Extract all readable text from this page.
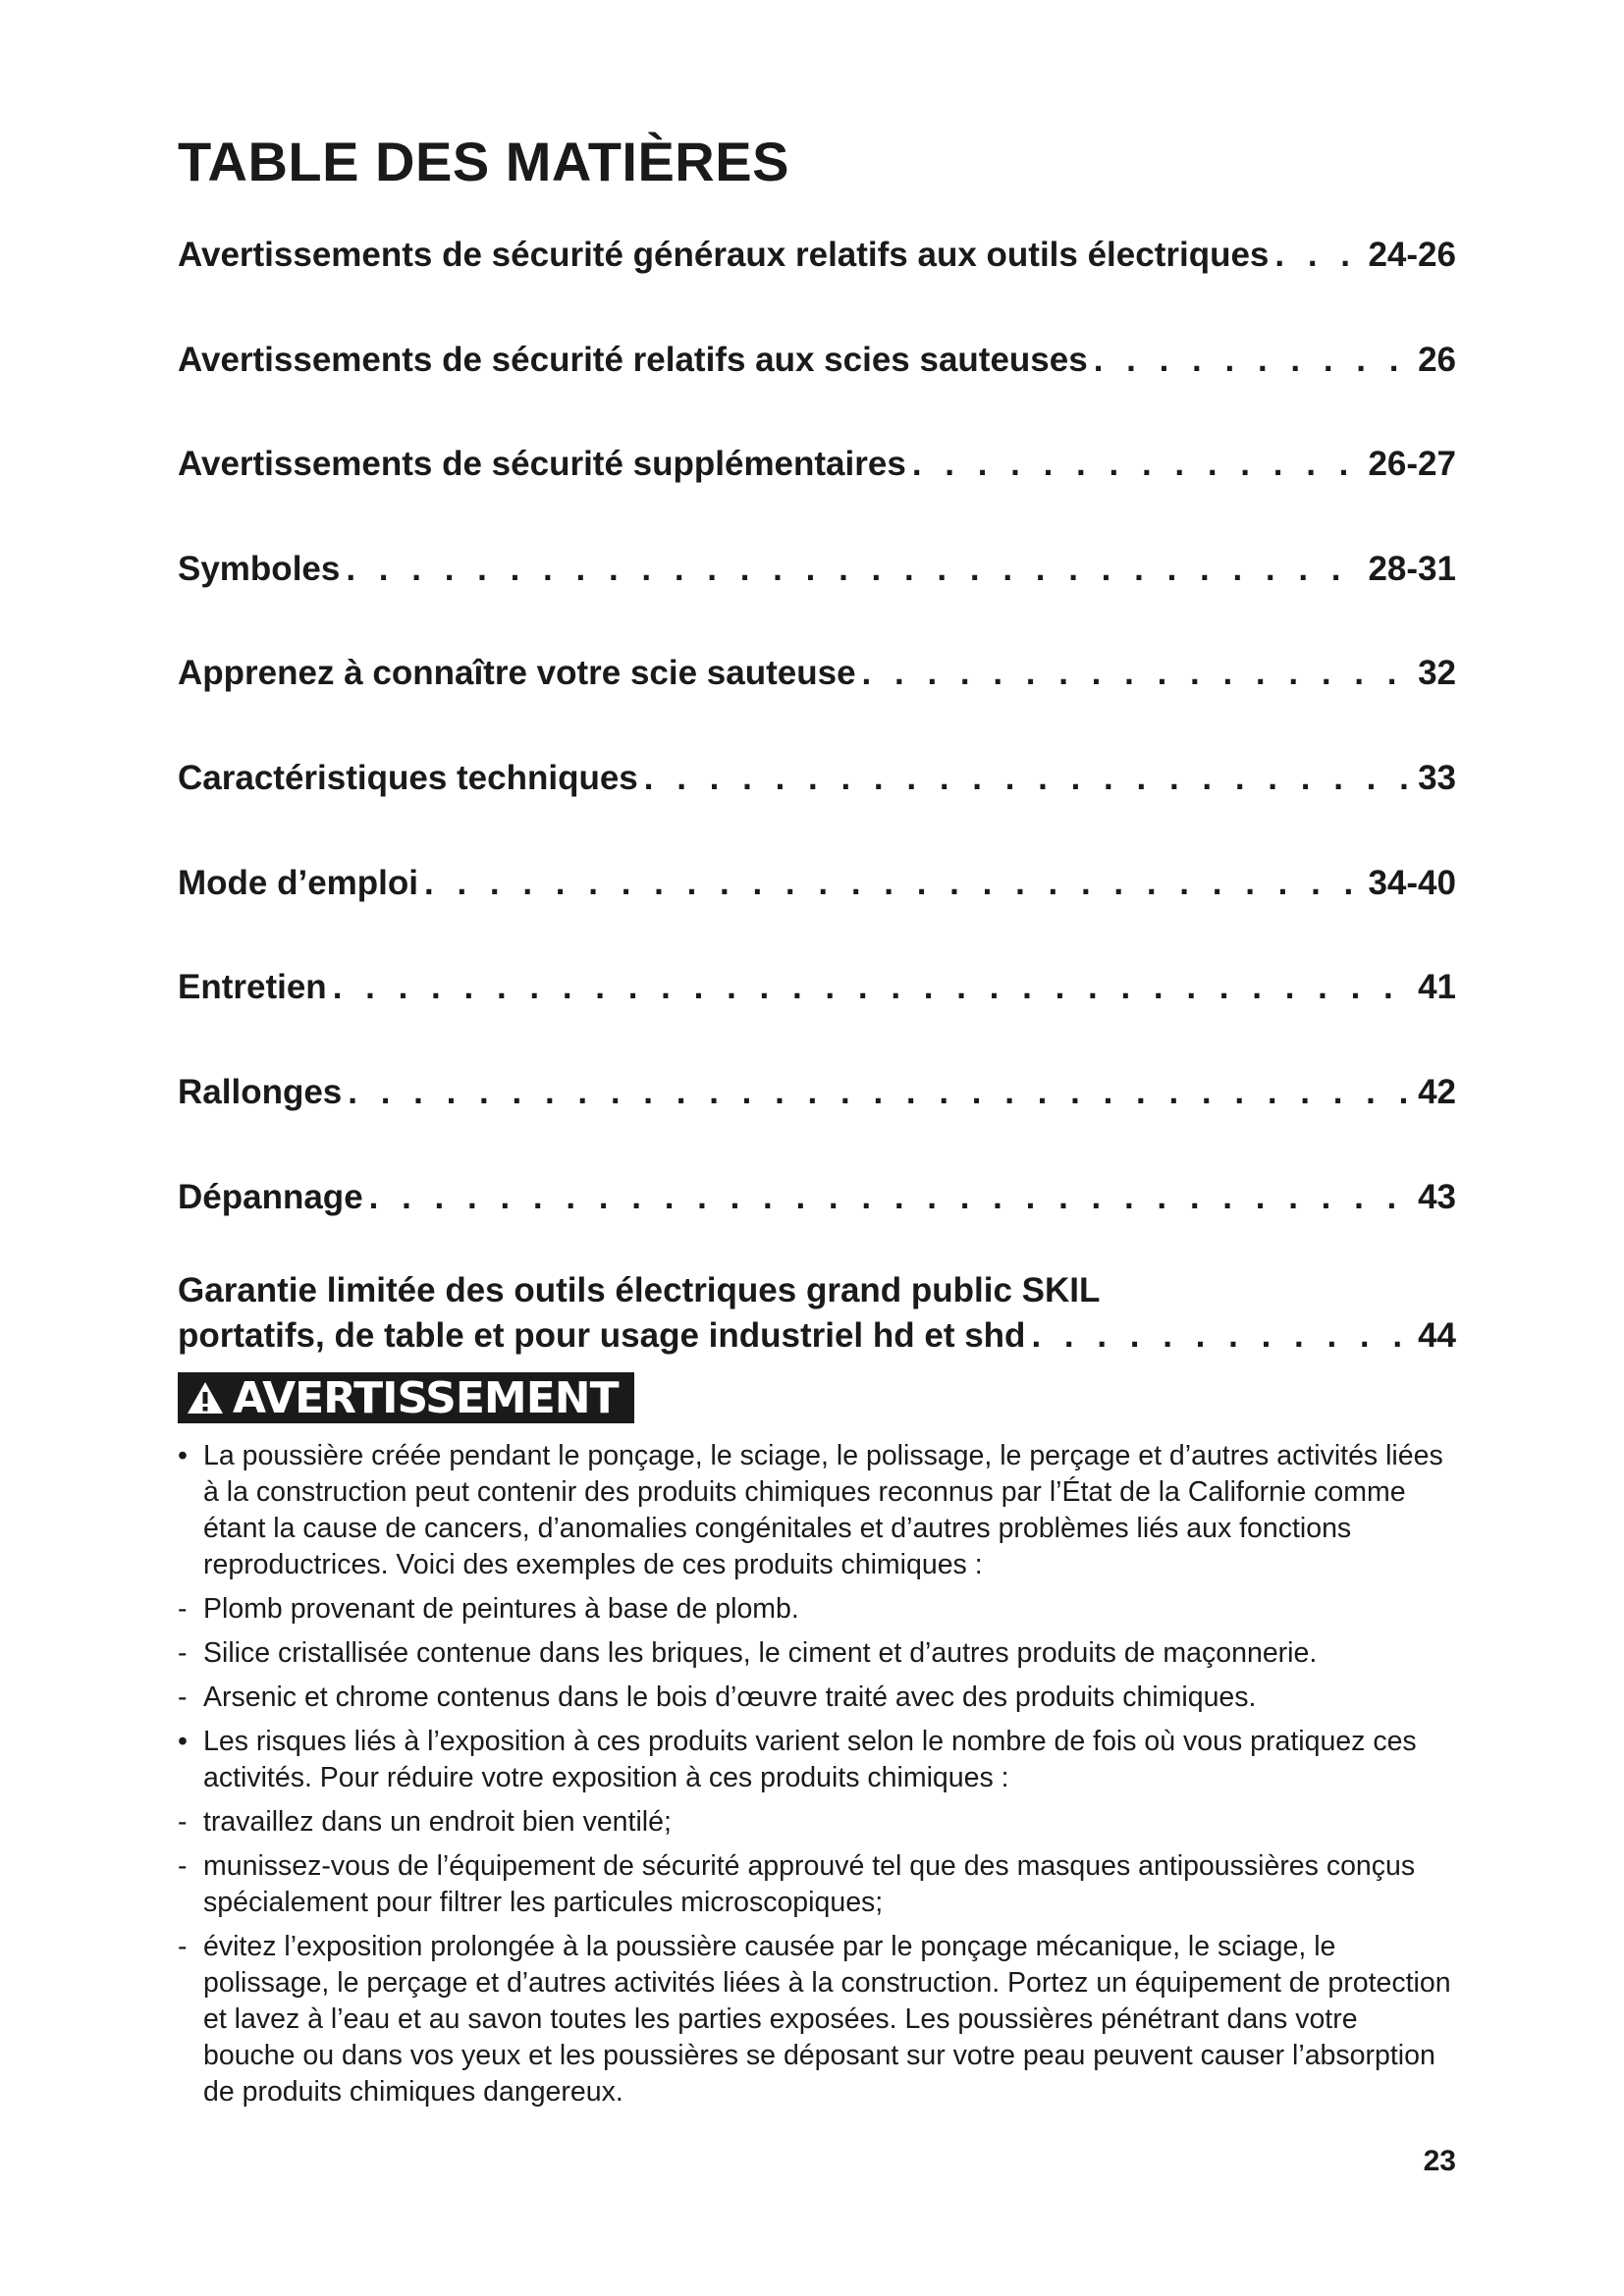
TABLE DES MATIÈRES
Avertissements de sécurité généraux relatifs aux outils électriques . . .	24-26
Avertissements de sécurité relatifs aux scies sauteuses . . .	26
Avertissements de sécurité supplémentaires . . .	26-27
Symboles . . .	28-31
Apprenez à connaître votre scie sauteuse . . .	32
Caractéristiques techniques . . .	33
Mode d’emploi . . .	34-40
Entretien . . .	41
Rallonges . . .	42
Dépannage . . .	43
Garantie limitée des outils électriques grand public SKIL
portatifs, de table et pour usage industriel hd et shd . . .	44
AVERTISSEMENT
• La poussière créée pendant le ponçage, le sciage, le polissage, le perçage et d’autres activités liées à la construction peut contenir des produits chimiques reconnus par l’État de la Californie comme étant la cause de cancers, d’anomalies congénitales et d’autres problèmes liés aux fonctions reproductrices. Voici des exemples de ces produits chimiques :
- Plomb provenant de peintures à base de plomb.
- Silice cristallisée contenue dans les briques, le ciment et d’autres produits de maçonnerie.
- Arsenic et chrome contenus dans le bois d’œuvre traité avec des produits chimiques.
• Les risques liés à l’exposition à ces produits varient selon le nombre de fois où vous pratiquez ces activités. Pour réduire votre exposition à ces produits chimiques :
- travaillez dans un endroit bien ventilé;
- munissez-vous de l’équipement de sécurité approuvé tel que des masques antipoussières conçus spécialement pour filtrer les particules microscopiques;
- évitez l’exposition prolongée à la poussière causée par le ponçage mécanique, le sciage, le polissage, le perçage et d’autres activités liées à la construction. Portez un équipement de protection et lavez à l’eau et au savon toutes les parties exposées. Les poussières pénétrant dans votre bouche ou dans vos yeux et les poussières se déposant sur votre peau peuvent causer l’absorption de produits chimiques dangereux.
23
